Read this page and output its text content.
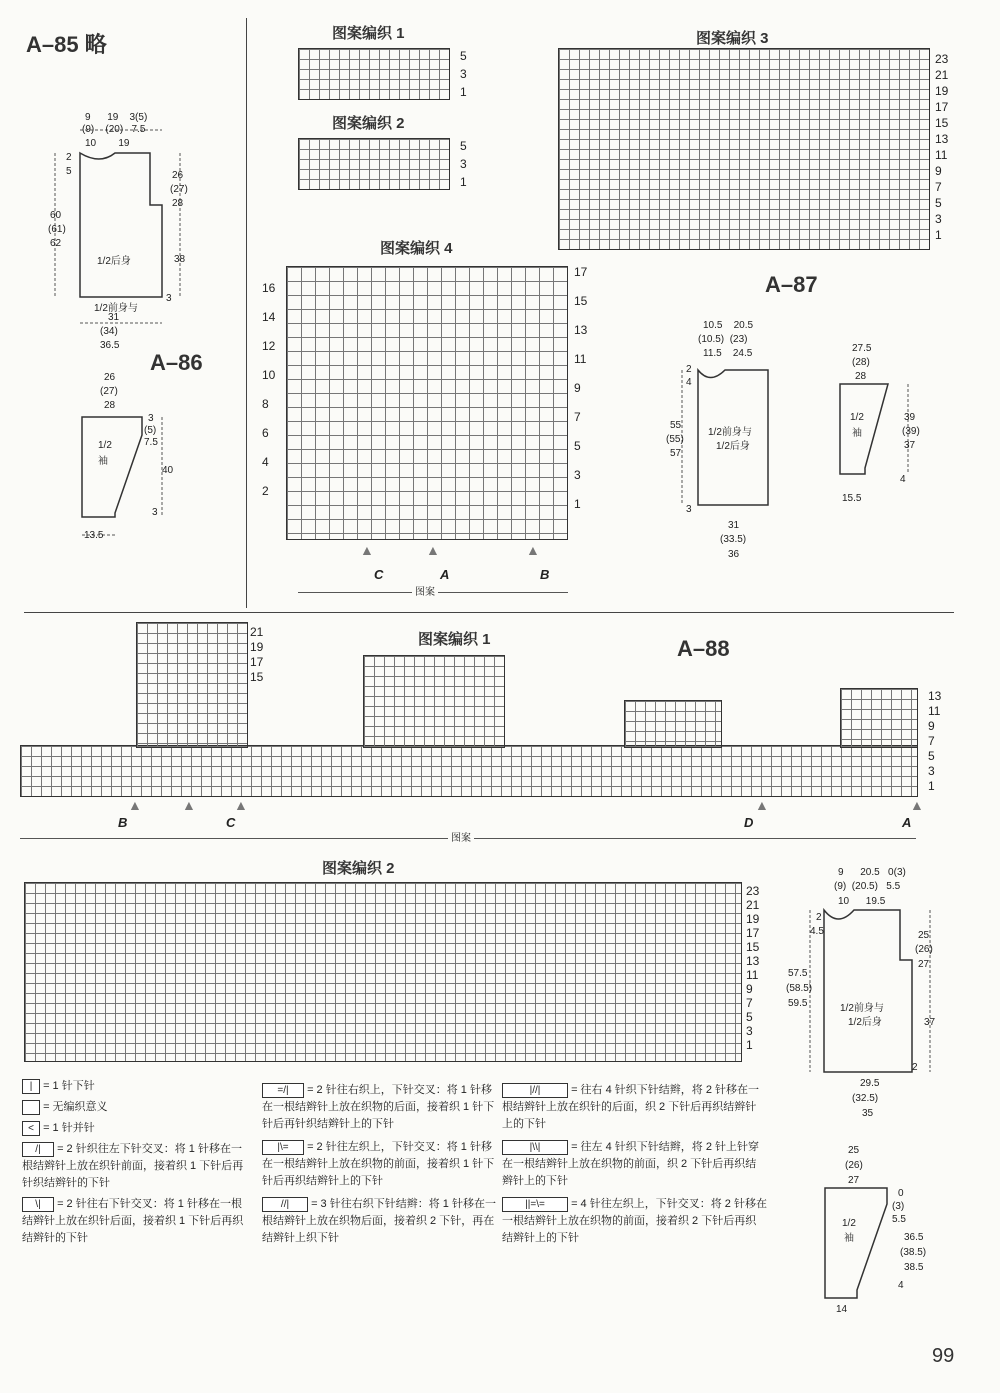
A–85 略
9 19 3(5)
(9) (20) 7.5
10 19
2
5
60
(61)
62
26
(27)
28
38
3
1/2前身与
1/2后身
31
(34)
36.5
A–86
26
(27)
28
3
(5)
7.5
40
3
1/2
袖
13.5
图案编织 1
5
3
1
图案编织 2
5
3
1
图案编织 3
23
21
19
17
15
13
11
9
7
5
3
1
图案编织 4
16
14
12
10
8
6
4
2
17
15
13
11
9
7
5
3
1
▲	▲	▲
C	A	B
图案
A–87
10.5 20.5
(10.5) (23)
11.5 24.5
2
4
55
(55)
57
3
1/2前身与
1/2后身
31
(33.5)
36
27.5
(28)
28
39
(39)
37
4
1/2
袖
15.5
图案编织 1	A–88
21
19
17
15
13
11
9
7
5
3
1
▲	▲	▲	▲	▲
B	C	D	A
图案
图案编织 2
23
21
19
17
15
13
11
9
7
5
3
1
9 20.5 0(3)
(9) (20.5) 5.5
10 19.5
2
4.5
57.5
(58.5)
59.5
25
(26)
27
37
2
1/2前身与
1/2后身
29.5
(32.5)
35
25
(26)
27
0
(3)
5.5
36.5
(38.5)
38.5
4
1/2
袖
14
| = 1 针下针
= 无编织意义
< = 1 针并针
/| = 2 针织往左下针交叉：将 1 针移在一根结辫针上放在织针前面，接着织 1 下针后再针织结辫针的下针
\| = 2 针往右下针交叉：将 1 针移在一根结辫针上放在织针后面，接着织 1 下针后再织结辫针的下针
=/| = 2 针往右织上，下针交叉：将 1 针移在一根结辫针上放在织物的后面，接着织 1 针下针后再针织结辫针上的下针
|\= = 2 针往左织上，下针交叉：将 1 针移在一根结辫针上放在织物的前面，接着织 1 针下针后再织结辫针上的下针
//| = 3 针往右织下针结辫：将 1 针移在一根结辫针上放在织物后面，接着织 2 下针，再在结辫针上织下针
|//|	= 往右 4 针织下针结辫，将 2 针移在一根结辫针上放在织针的后面，织 2 下针后再织结辫针上的下针
|\\|	= 往左 4 针织下针结辫，将 2 针上针穿在一根结辫针上放在织物的前面，织 2 下针后再织结辫针上的下针
||=\= = 4 针往左织上，下针交叉：将 2 针移在一根结辫针上放在织物的前面，接着织 2 下针后再织结辫针上的下针
99
